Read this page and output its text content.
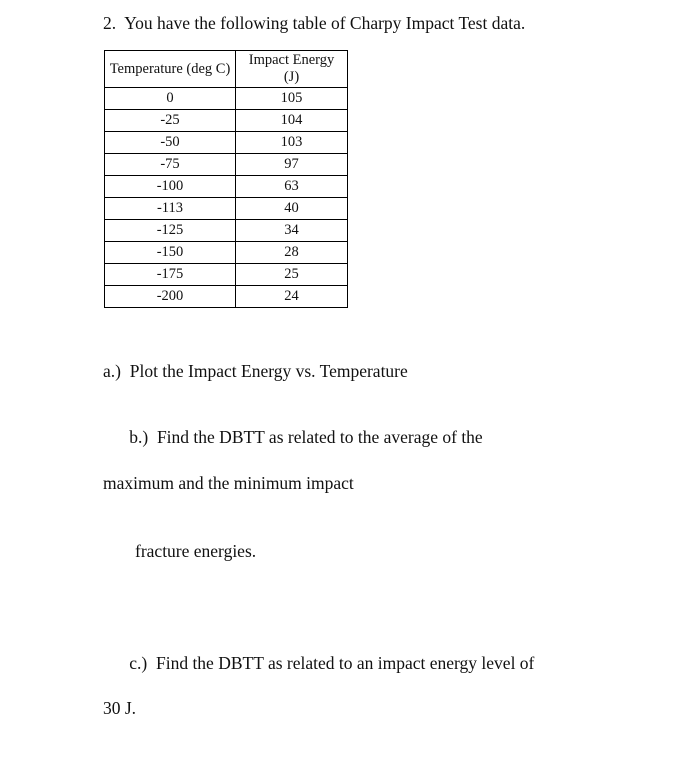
2.  You have the following table of Charpy Impact Test data.
Temperature (deg C)	Impact Energy (J)
0	105
-25	104
-50	103
-75	97
-100	63
-113	40
-125	34
-150	28
-175	25
-200	24
a.)  Plot the Impact Energy vs. Temperature

b.)  Find the DBTT as related to the average of the

maximum and the minimum impact

fracture energies.

c.)  Find the DBTT as related to an impact energy level of

30 J.
